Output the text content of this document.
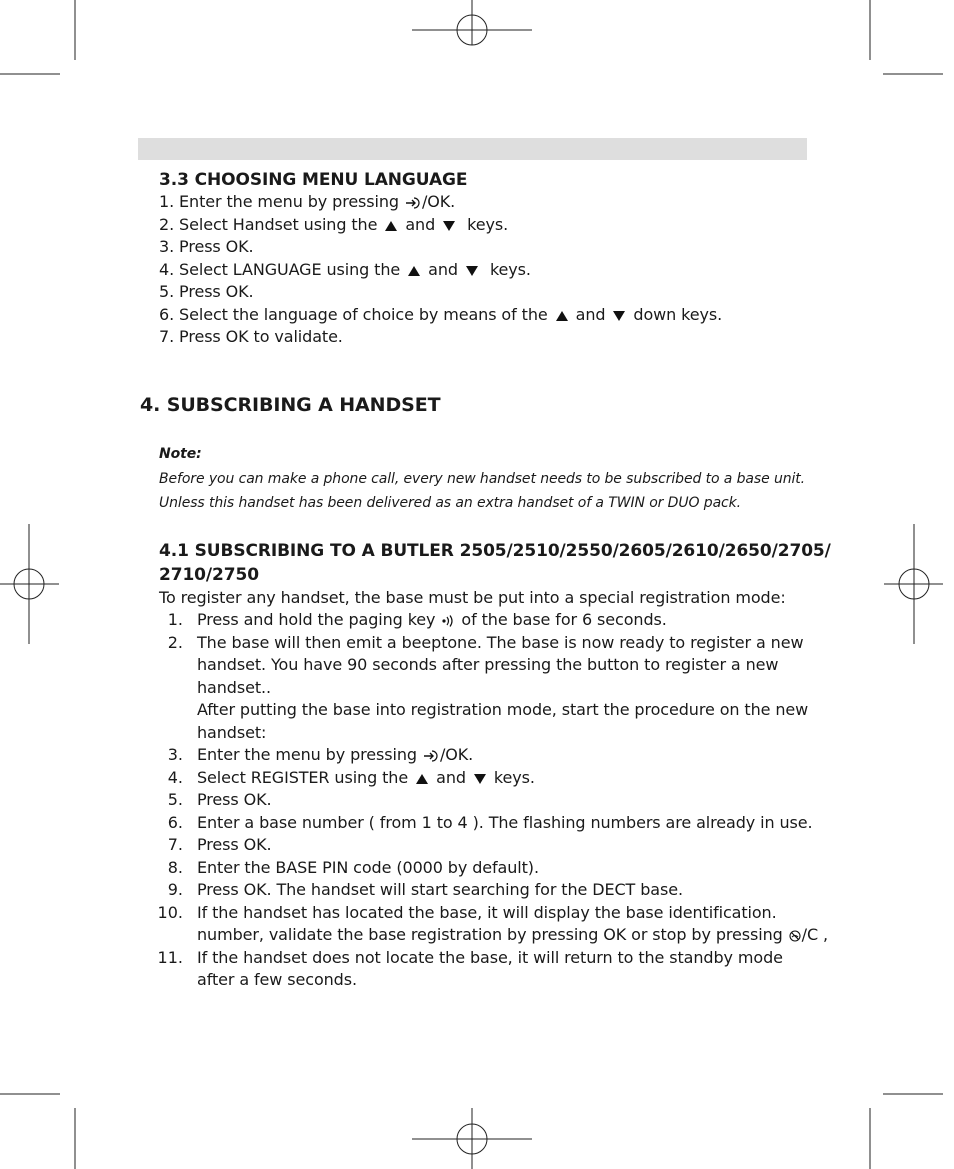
3.3 CHOOSING MENU LANGUAGE
1. Enter the menu by pressing /OK.
2. Select Handset using the and keys.
3. Press OK.
4. Select LANGUAGE using the and keys.
5. Press OK.
6. Select the language of choice by means of the and down keys.
7. Press OK to validate.
4. SUBSCRIBING A HANDSET
Note:
Before you can make a phone call, every new handset needs to be subscribed to a base unit.
Unless this handset has been delivered as an extra handset of a TWIN or DUO pack.
4.1 SUBSCRIBING TO A BUTLER 2505/2510/2550/2605/2610/2650/2705/
2710/2750
To register any handset, the base must be put into a special registration mode:
1. Press and hold the paging key of the base for 6 seconds.
2. The base will then emit a beeptone. The base is now ready to register a new
handset. You have 90 seconds after pressing the button to register a new
handset..
After putting the base into registration mode, start the procedure on the new
handset:
3. Enter the menu by pressing /OK.
4. Select REGISTER using the and keys.
5. Press OK.
6. Enter a base number ( from 1 to 4 ). The flashing numbers are already in use.
7. Press OK.
8. Enter the BASE PIN code (0000 by default).
9. Press OK. The handset will start searching for the DECT base.
10. If the handset has located the base, it will display the base identification.
number, validate the base registration by pressing OK or stop by pressing /C ,
11. If the handset does not locate the base, it will return to the standby mode
after a few seconds.
